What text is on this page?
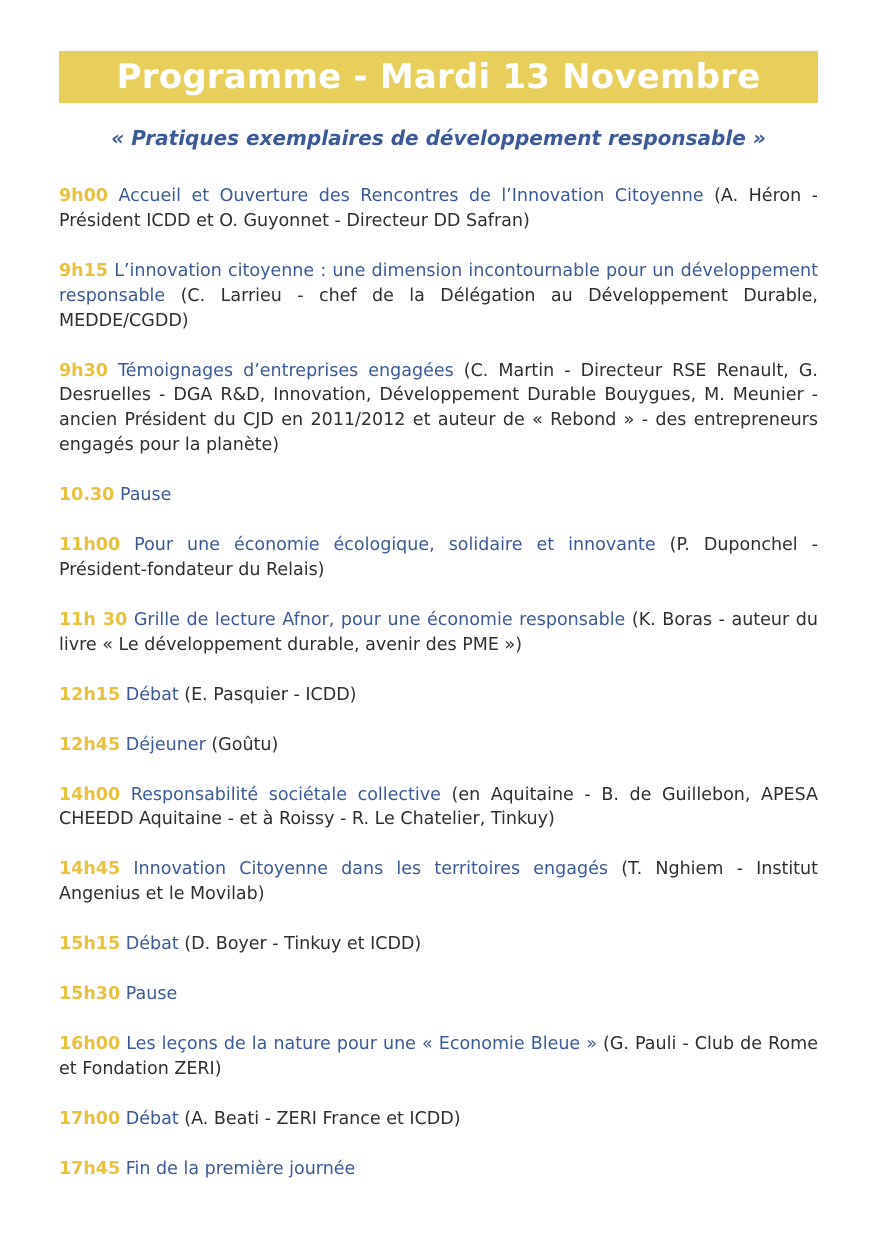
Programme - Mardi 13 Novembre
« Pratiques exemplaires de développement responsable »

9h00 Accueil et Ouverture des Rencontres de l’Innovation Citoyenne (A. Héron - Président ICDD et O. Guyonnet - Directeur DD Safran)

9h15 L’innovation citoyenne : une dimension incontournable pour un développement responsable (C. Larrieu - chef de la Délégation au Développement Durable, MEDDE/CGDD)

9h30 Témoignages d’entreprises engagées (C. Martin - Directeur RSE Renault, G. Desruelles - DGA R&D, Innovation, Développement Durable Bouygues, M. Meunier - ancien Président du CJD en 2011/2012 et auteur de « Rebond » - des entrepreneurs engagés pour la planète)

10.30 Pause

11h00 Pour une économie écologique, solidaire et innovante (P. Duponchel - Président-fondateur du Relais)

11h 30 Grille de lecture Afnor, pour une économie responsable (K. Boras - auteur du livre « Le développement durable, avenir des PME »)

12h15 Débat (E. Pasquier - ICDD)

12h45 Déjeuner (Goûtu)

14h00 Responsabilité sociétale collective (en Aquitaine - B. de Guillebon, APESA CHEEDD Aquitaine - et à Roissy - R. Le Chatelier, Tinkuy)

14h45 Innovation Citoyenne dans les territoires engagés (T. Nghiem - Institut Angenius et le Movilab)

15h15 Débat (D. Boyer - Tinkuy et ICDD)

15h30 Pause

16h00 Les leçons de la nature pour une « Economie Bleue » (G. Pauli - Club de Rome et Fondation ZERI)

17h00 Débat (A. Beati - ZERI France et ICDD)

17h45 Fin de la première journée
